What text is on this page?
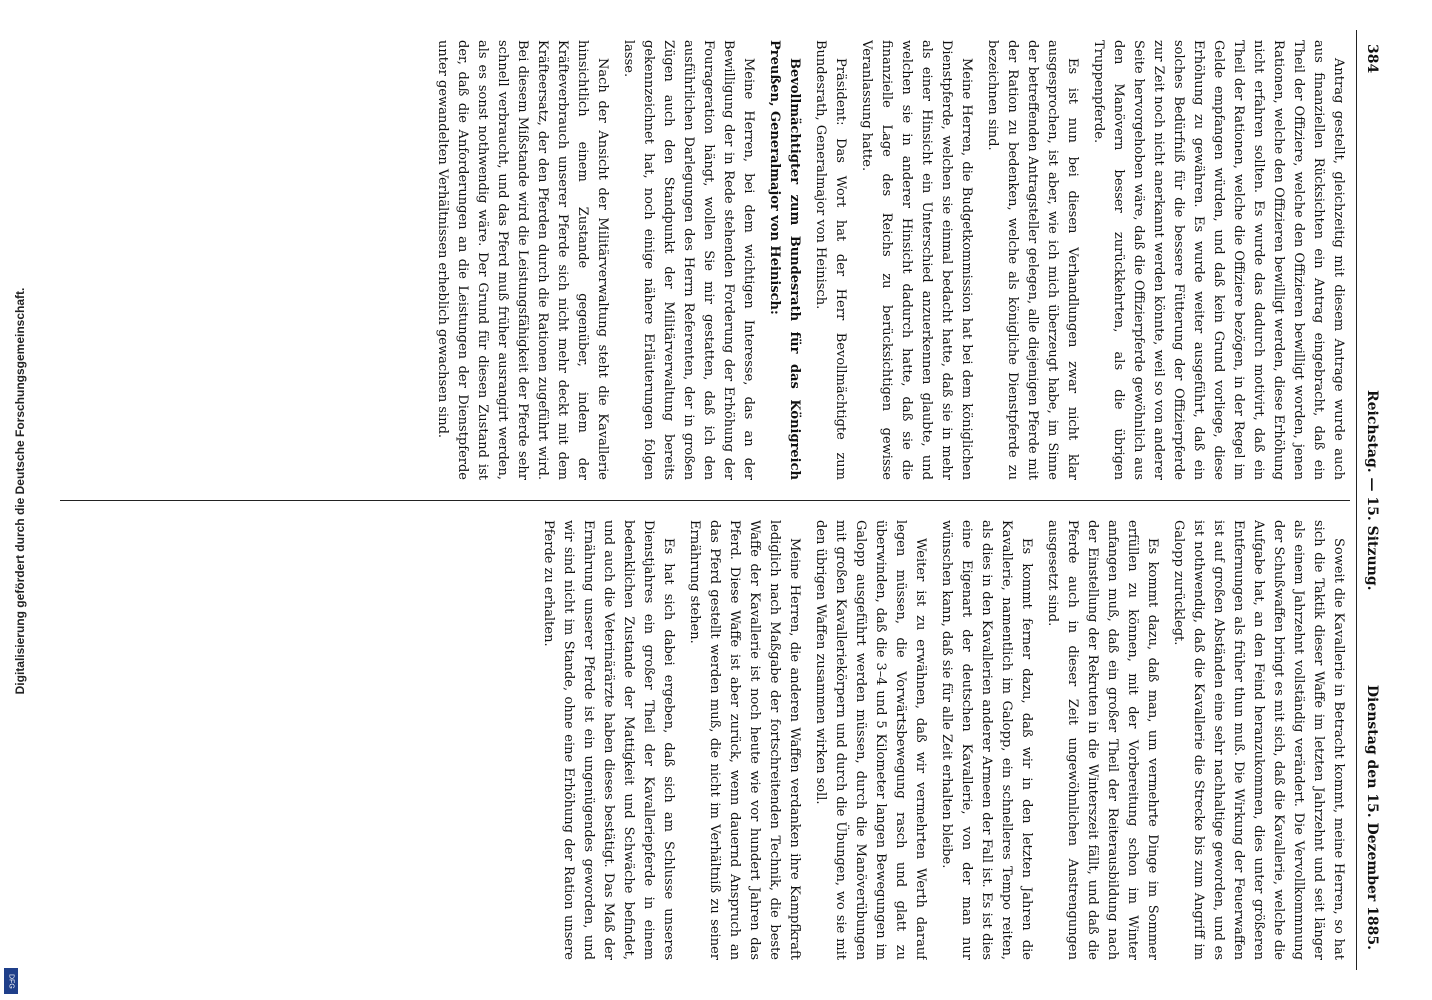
384
Reichstag. — 15. Sitzung.
Dienstag den 15. Dezember 1885.

Antrag gestellt, gleichzeitig mit diesem Antrage wurde auch aus finanziellen Rücksichten ein Antrag eingebracht, daß ein Theil der Offiziere, welche den Offizieren bewilligt worden, jenen Rationen, welche den Offizieren bewilligt werden, diese Erhöhung nicht erfahren sollten. Es wurde das dadurch motivirt, daß ein Theil der Rationen, welche die Offiziere bezögen, in der Regel im Gelde empfangen würden, und daß kein Grund vorliege, diese Erhöhung zu gewähren. Es wurde weiter ausgeführt, daß ein solches Bedürfniß für die bessere Fütterung der Offizierpferde zur Zeit noch nicht anerkannt werden könnte, weil so von anderer Seite hervorgehoben wäre, daß die Offizierpferde gewöhnlich aus den Manövern besser zurückkehrten, als die übrigen Truppenpferde.

Es ist nun bei diesen Verhandlungen zwar nicht klar ausgesprochen, ist aber, wie ich mich überzeugt habe, im Sinne der betreffenden Antragsteller gelegen, alle diejenigen Pferde mit der Ration zu bedenken, welche als königliche Dienstpferde zu bezeichnen sind.

Meine Herren, die Budgetkommission hat bei dem königlichen Dienstpferde, welchen sie einmal bedacht hatte, daß sie in mehr als einer Hinsicht ein Unterschied anzuerkennen glaubte, und welchen sie in anderer Hinsicht dadurch hatte, daß sie die finanzielle Lage des Reichs zu berücksichtigen gewisse Veranlassung hatte.

Präsident: Das Wort hat der Herr Bevollmächtigte zum Bundesrath, Generalmajor von Heinisch.

Bevollmächtigter zum Bundesrath für das Königreich Preußen, Generalmajor von Heinisch:

Meine Herren, bei dem wichtigen Interesse, das an der Bewilligung der in Rede stehenden Forderung der Erhöhung der Fourageration hängt, wollen Sie mir gestatten, daß ich den ausführlichen Darlegungen des Herrn Referenten, der in großen Zügen auch den Standpunkt der Militärverwaltung bereits gekennzeichnet hat, noch einige nähere Erläuterungen folgen lasse.

Nach der Ansicht der Militärverwaltung steht die Kavallerie hinsichtlich einem Zustande gegenüber, indem der Kräfteverbrauch unserer Pferde sich nicht mehr deckt mit dem Kräfteersatz, der den Pferden durch die Rationen zugeführt wird. Bei diesem Mißstande wird die Leistungsfähigkeit der Pferde sehr schnell verbraucht, und das Pferd muß früher ausrangirt werden, als es sonst nothwendig wäre. Der Grund für diesen Zustand ist der, daß die Anforderungen an die Leistungen der Dienstpferde unter gewandelten Verhältnissen erheblich gewachsen sind.

Soweit die Kavallerie in Betracht kommt, meine Herren, so hat sich die Taktik dieser Waffe im letzten Jahrzehnt und seit länger als einem Jahrzehnt vollständig verändert. Die Vervollkommnung der Schußwaffen bringt es mit sich, daß die Kavallerie, welche die Aufgabe hat, an den Feind heranzukommen, dies unter größeren Entfernungen als früher thun muß. Die Wirkung der Feuerwaffen ist auf großen Abständen eine sehr nachhaltige geworden, und es ist nothwendig, daß die Kavallerie die Strecke bis zum Angriff im Galopp zurücklegt.

Es kommt dazu, daß man, um vermehrte Dinge im Sommer erfüllen zu können, mit der Vorbereitung schon im Winter anfangen muß, daß ein großer Theil der Reiterausbildung nach der Einstellung der Rekruten in die Winterszeit fällt, und daß die Pferde auch in dieser Zeit ungewöhnlichen Anstrengungen ausgesetzt sind.

Es kommt ferner dazu, daß wir in den letzten Jahren die Kavallerie, namentlich im Galopp, ein schnelleres Tempo reiten, als dies in den Kavallerien anderer Armeen der Fall ist. Es ist dies eine Eigenart der deutschen Kavallerie, von der man nur wünschen kann, daß sie für alle Zeit erhalten bleibe.

Weiter ist zu erwähnen, daß wir vermehrten Werth darauf legen müssen, die Vorwärtsbewegung rasch und glatt zu überwinden, daß die 3–4 und 5 Kilometer langen Bewegungen im Galopp ausgeführt werden müssen, durch die Manöverübungen mit großen Kavalleriekörpern und durch die Übungen, wo sie mit den übrigen Waffen zusammen wirken soll.

Meine Herren, die anderen Waffen verdanken ihre Kampfkraft lediglich nach Maßgabe der fortschreitenden Technik, die beste Waffe der Kavallerie ist noch heute wie vor hundert Jahren das Pferd. Diese Waffe ist aber zurück, wenn dauernd Anspruch an das Pferd gestellt werden muß, die nicht im Verhältniß zu seiner Ernährung stehen.

Es hat sich dabei ergeben, daß sich am Schlusse unseres Dienstjahres ein großer Theil der Kavalleriepferde in einem bedenklichen Zustande der Mattigkeit und Schwäche befindet, und auch die Veterinärärzte haben dieses bestätigt. Das Maß der Ernährung unserer Pferde ist ein ungenügendes geworden, und wir sind nicht im Stande, ohne eine Erhöhung der Ration unsere Pferde zu erhalten.

Digitalisierung gefördert durch die Deutsche Forschungsgemeinschaft.
DFG
